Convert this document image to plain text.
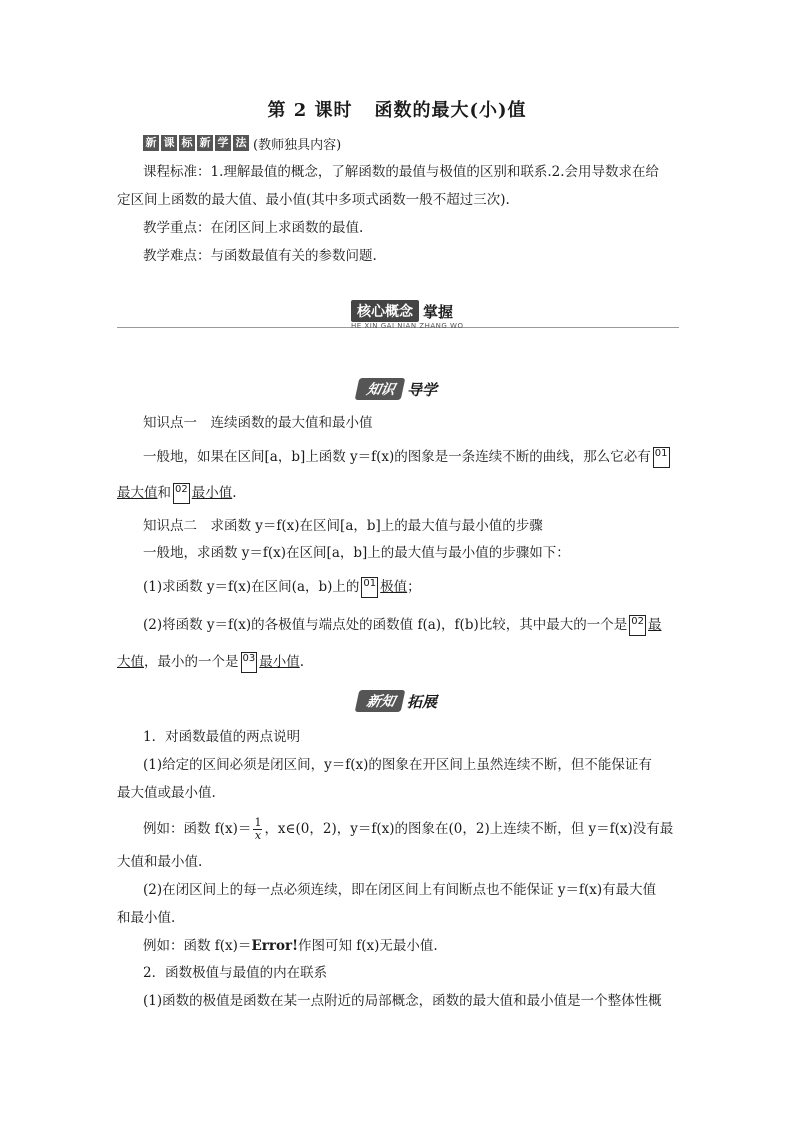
第 2 课时 函数的最大(小)值
新 课 标 新 学 法 (教师独具内容)
课程标准：1.理解最值的概念，了解函数的最值与极值的区别和联系.2.会用导数求在给
定区间上函数的最大值、最小值(其中多项式函数一般不超过三次).
教学重点：在闭区间上求函数的最值.
教学难点：与函数最值有关的参数问题.
核心概念 掌握
HE XIN GAI NIAN ZHANG WO
知识 导学
知识点一　连续函数的最大值和最小值
一般地，如果在区间[a，b]上函数 y＝f(x)的图象是一条连续不断的曲线，那么它必有 01
最大值和 02 最小值.
知识点二　求函数 y＝f(x)在区间[a，b]上的最大值与最小值的步骤
一般地，求函数 y＝f(x)在区间[a，b]上的最大值与最小值的步骤如下：
(1)求函数 y＝f(x)在区间(a，b)上的 01 极值；
(2)将函数 y＝f(x)的各极值与端点处的函数值 f(a)，f(b)比较，其中最大的一个是 02 最
大值，最小的一个是 03 最小值.
新知 拓展
1．对函数最值的两点说明
(1)给定的区间必须是闭区间，y＝f(x)的图象在开区间上虽然连续不断，但不能保证有
最大值或最小值.
例如：函数 $f(x)= \frac{1}{x}$ ，x∈(0，2)，y＝f(x)的图象在(0，2)上连续不断，但 y＝f(x)没有最
大值和最小值.
(2)在闭区间上的每一点必须连续，即在闭区间上有间断点也不能保证 y＝f(x)有最大值
和最小值.
例如：函数 f(x)＝Error!作图可知 f(x)无最小值.
2．函数极值与最值的内在联系
(1)函数的极值是函数在某一点附近的局部概念，函数的最大值和最小值是一个整体性概
